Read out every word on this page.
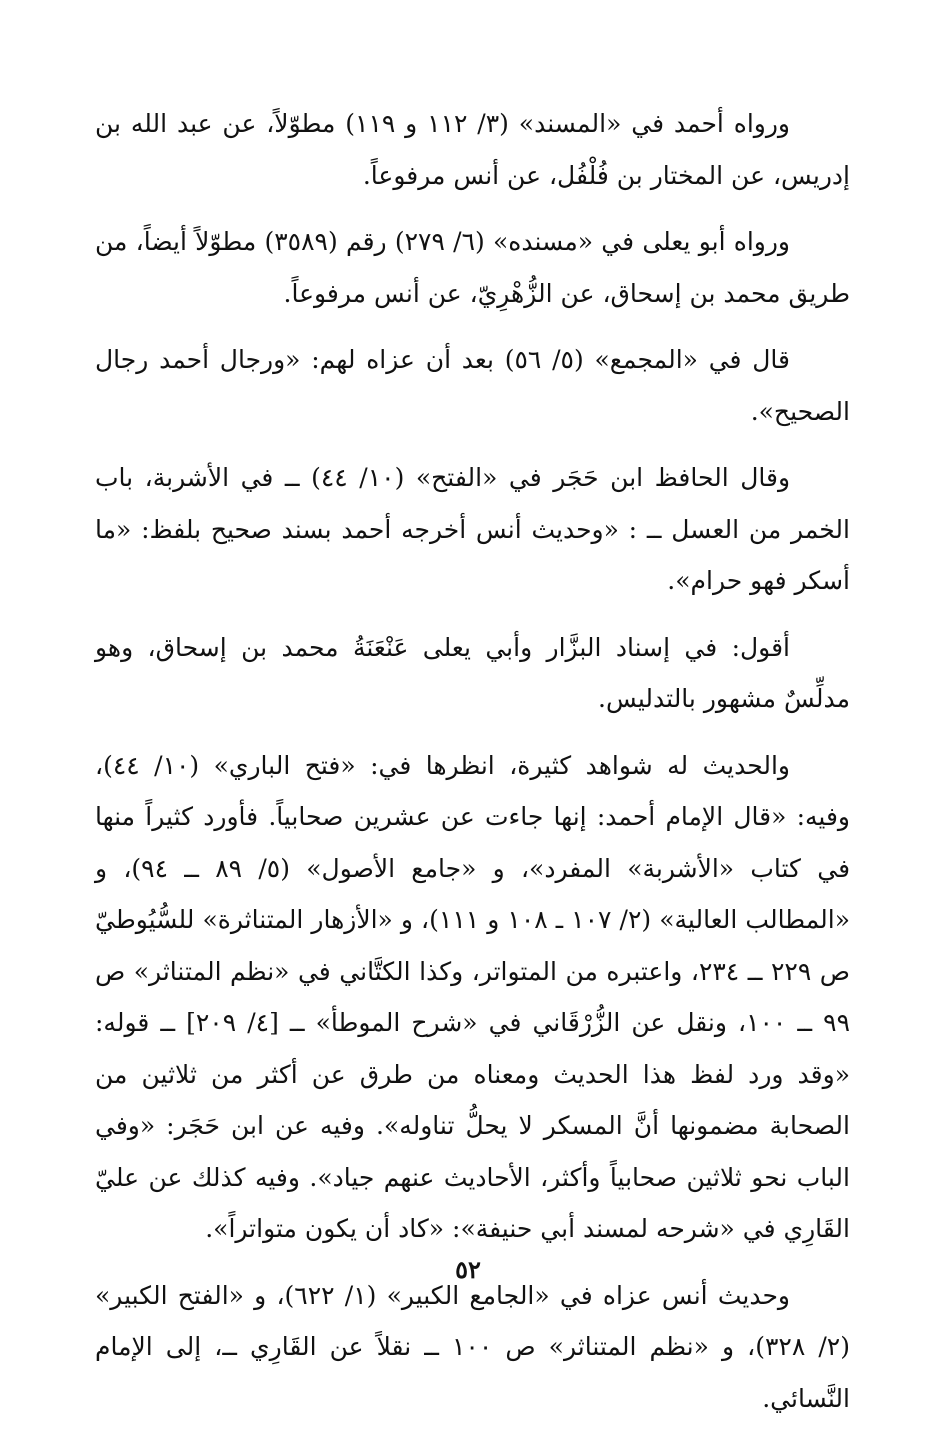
ورواه أحمد في «المسند» (٣/ ١١٢ و ١١٩) مطوّلاً، عن عبد الله بن إدريس، عن المختار بن فُلْفُل، عن أنس مرفوعاً.

ورواه أبو يعلى في «مسنده» (٦/ ٢٧٩) رقم (٣٥٨٩) مطوّلاً أيضاً، من طريق محمد بن إسحاق، عن الزُّهْرِيّ، عن أنس مرفوعاً.

قال في «المجمع» (٥/ ٥٦) بعد أن عزاه لهم: «ورجال أحمد رجال الصحيح».

وقال الحافظ ابن حَجَر في «الفتح» (١٠/ ٤٤) ــ في الأشربة، باب الخمر من العسل ــ : «وحديث أنس أخرجه أحمد بسند صحيح بلفظ: «ما أسكر فهو حرام».

أقول: في إسناد البزَّار وأبي يعلى عَنْعَنَةُ محمد بن إسحاق، وهو مدلِّسٌ مشهور بالتدليس.

والحديث له شواهد كثيرة، انظرها في: «فتح الباري» (١٠/ ٤٤)، وفيه: «قال الإمام أحمد: إنها جاءت عن عشرين صحابياً. فأورد كثيراً منها في كتاب «الأشربة» المفرد»، و «جامع الأصول» (٥/ ٨٩ ــ ٩٤)، و «المطالب العالية» (٢/ ١٠٧ ـ ١٠٨ و ١١١)، و «الأزهار المتناثرة» للسُّيُوطيّ ص ٢٢٩ ــ ٢٣٤، واعتبره من المتواتر، وكذا الكتَّاني في «نظم المتناثر» ص ٩٩ ــ ١٠٠، ونقل عن الزُّرْقَاني في «شرح الموطأ» ــ [٤/ ٢٠٩] ــ قوله: «وقد ورد لفظ هذا الحديث ومعناه من طرق عن أكثر من ثلاثين من الصحابة مضمونها أنَّ المسكر لا يحلُّ تناوله». وفيه عن ابن حَجَر: «وفي الباب نحو ثلاثين صحابياً وأكثر، الأحاديث عنهم جياد». وفيه كذلك عن عليّ القَارِي في «شرحه لمسند أبي حنيفة»: «كاد أن يكون متواتراً».

وحديث أنس عزاه في «الجامع الكبير» (١/ ٦٢٢)، و «الفتح الكبير» (٢/ ٣٢٨)، و «نظم المتناثر» ص ١٠٠ ــ نقلاً عن القَارِي ــ، إلى الإمام النَّسائي.

٥٢
